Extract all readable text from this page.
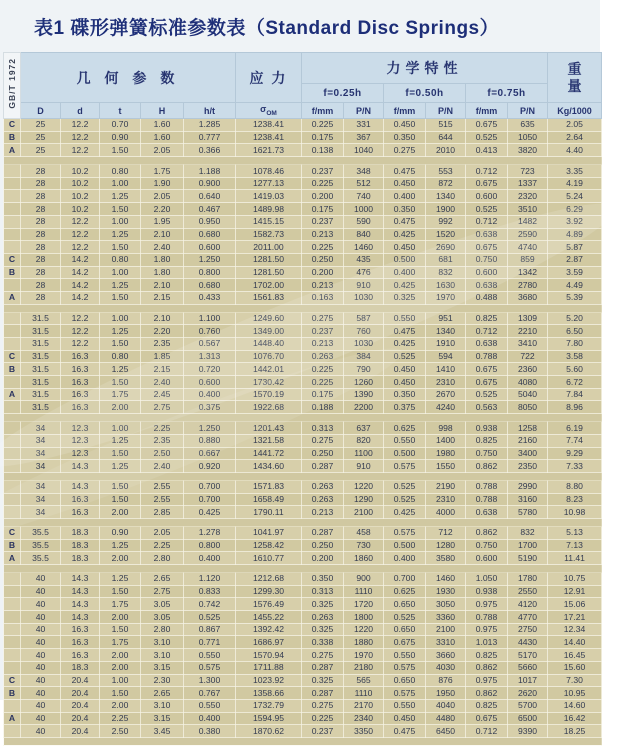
表1 碟形弹簧标准参数表（Standard Disc Springs）
GB/T 1972	几 何 参 数					应 力	力学特性						重
量

							f=0.25h		f=0.50h		f=0.75h		
	D	d	t	H	h/t	$\sigma_{OM}$	f/mm	P/N	f/mm	P/N	f/mm	P/N	Kg/1000
C	25	12.2	0.70	1.60	1.285	1238.41	0.225	331	0.450	515	0.675	635	2.05
B	25	12.2	0.90	1.60	0.777	1238.41	0.175	367	0.350	644	0.525	1050	2.64
A	25	12.2	1.50	2.05	0.366	1621.73	0.138	1040	0.275	2010	0.413	3820	4.40

	28	10.2	0.80	1.75	1.188	1078.46	0.237	348	0.475	553	0.712	723	3.35
	28	10.2	1.00	1.90	0.900	1277.13	0.225	512	0.450	872	0.675	1337	4.19
	28	10.2	1.25	2.05	0.640	1419.03	0.200	740	0.400	1340	0.600	2320	5.24
	28	10.2	1.50	2.20	0.467	1489.98	0.175	1000	0.350	1900	0.525	3510	6.29
	28	12.2	1.00	1.95	0.950	1415.15	0.237	590	0.475	992	0.712	1482	3.92
	28	12.2	1.25	2.10	0.680	1582.73	0.213	840	0.425	1520	0.638	2590	4.89
	28	12.2	1.50	2.40	0.600	2011.00	0.225	1460	0.450	2690	0.675	4740	5.87
C	28	14.2	0.80	1.80	1.250	1281.50	0.250	435	0.500	681	0.750	859	2.87
B	28	14.2	1.00	1.80	0.800	1281.50	0.200	476	0.400	832	0.600	1342	3.59
	28	14.2	1.25	2.10	0.680	1702.00	0.213	910	0.425	1630	0.638	2780	4.49
A	28	14.2	1.50	2.15	0.433	1561.83	0.163	1030	0.325	1970	0.488	3680	5.39

	31.5	12.2	1.00	2.10	1.100	1249.60	0.275	587	0.550	951	0.825	1309	5.20
	31.5	12.2	1.25	2.20	0.760	1349.00	0.237	760	0.475	1340	0.712	2210	6.50
	31.5	12.2	1.50	2.35	0.567	1448.40	0.213	1030	0.425	1910	0.638	3410	7.80
C	31.5	16.3	0.80	1.85	1.313	1076.70	0.263	384	0.525	594	0.788	722	3.58
B	31.5	16.3	1.25	2.15	0.720	1442.01	0.225	790	0.450	1410	0.675	2360	5.60
	31.5	16.3	1.50	2.40	0.600	1730.42	0.225	1260	0.450	2310	0.675	4080	6.72
A	31.5	16.3	1.75	2.45	0.400	1570.19	0.175	1390	0.350	2670	0.525	5040	7.84
	31.5	16.3	2.00	2.75	0.375	1922.68	0.188	2200	0.375	4240	0.563	8050	8.96

	34	12.3	1.00	2.25	1.250	1201.43	0.313	637	0.625	998	0.938	1258	6.19
	34	12.3	1.25	2.35	0.880	1321.58	0.275	820	0.550	1400	0.825	2160	7.74
	34	12.3	1.50	2.50	0.667	1441.72	0.250	1100	0.500	1980	0.750	3400	9.29
	34	14.3	1.25	2.40	0.920	1434.60	0.287	910	0.575	1550	0.862	2350	7.33

	34	14.3	1.50	2.55	0.700	1571.83	0.263	1220	0.525	2190	0.788	2990	8.80
	34	16.3	1.50	2.55	0.700	1658.49	0.263	1290	0.525	2310	0.788	3160	8.23
	34	16.3	2.00	2.85	0.425	1790.11	0.213	2100	0.425	4000	0.638	5780	10.98

C	35.5	18.3	0.90	2.05	1.278	1041.97	0.287	458	0.575	712	0.862	832	5.13
B	35.5	18.3	1.25	2.25	0.800	1258.42	0.250	730	0.500	1280	0.750	1700	7.13
A	35.5	18.3	2.00	2.80	0.400	1610.77	0.200	1860	0.400	3580	0.600	5190	11.41

	40	14.3	1.25	2.65	1.120	1212.68	0.350	900	0.700	1460	1.050	1780	10.75
	40	14.3	1.50	2.75	0.833	1299.30	0.313	1110	0.625	1930	0.938	2550	12.91
	40	14.3	1.75	3.05	0.742	1576.49	0.325	1720	0.650	3050	0.975	4120	15.06
	40	14.3	2.00	3.05	0.525	1455.22	0.263	1800	0.525	3360	0.788	4770	17.21
	40	16.3	1.50	2.80	0.867	1392.42	0.325	1220	0.650	2100	0.975	2750	12.34
	40	16.3	1.75	3.10	0.771	1686.97	0.338	1880	0.675	3310	1.013	4430	14.40
	40	16.3	2.00	3.10	0.550	1570.94	0.275	1970	0.550	3660	0.825	5170	16.45
	40	18.3	2.00	3.15	0.575	1711.88	0.287	2180	0.575	4030	0.862	5660	15.60
C	40	20.4	1.00	2.30	1.300	1023.92	0.325	565	0.650	876	0.975	1017	7.30
B	40	20.4	1.50	2.65	0.767	1358.66	0.287	1110	0.575	1950	0.862	2620	10.95
	40	20.4	2.00	3.10	0.550	1732.79	0.275	2170	0.550	4040	0.825	5700	14.60
A	40	20.4	2.25	3.15	0.400	1594.95	0.225	2340	0.450	4480	0.675	6500	16.42
	40	20.4	2.50	3.45	0.380	1870.62	0.237	3350	0.475	6450	0.712	9390	18.25
